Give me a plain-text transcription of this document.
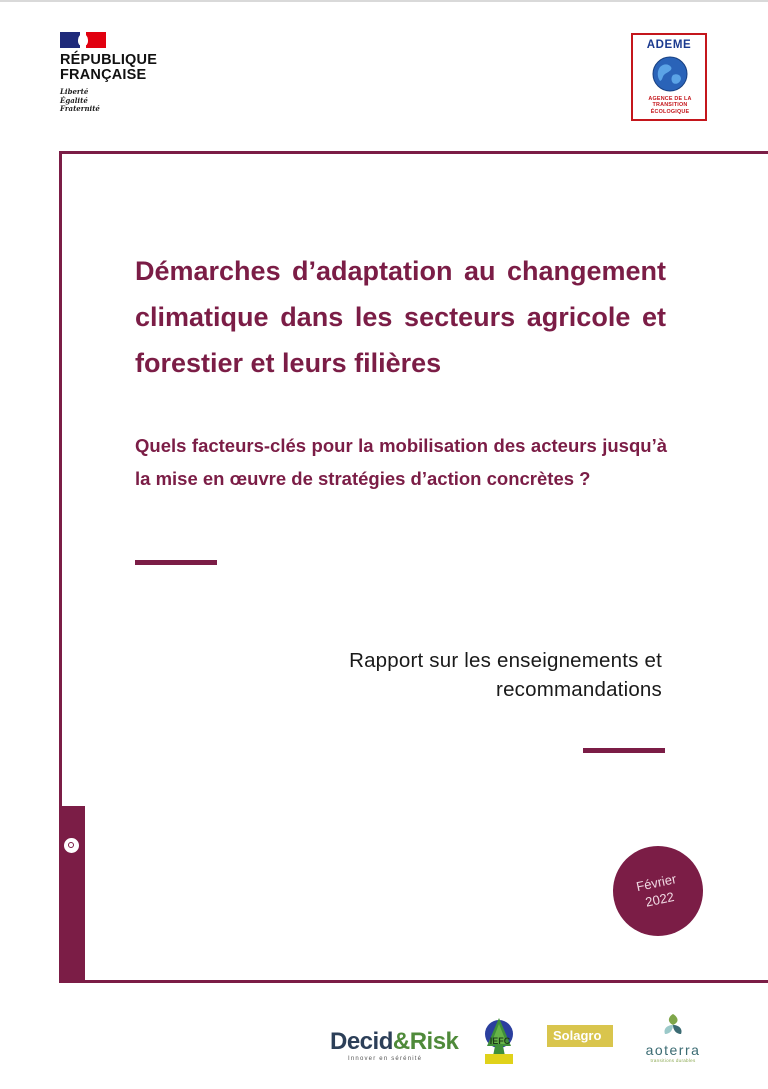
RÉPUBLIQUE
FRANÇAISE
Liberté
Égalité
Fraternité
ADEME
AGENCE DE LA
TRANSITION
ÉCOLOGIQUE
EXPERTISES
Démarches d’adaptation au changement climatique dans les secteurs agricole et forestier et leurs filières
Quels facteurs-clés pour la mobilisation des acteurs jusqu’à la mise en œuvre de stratégies d’action concrètes ?
Rapport sur les enseignements et
recommandations
Février
2022
Decid&Risk
Innover en sérénité
IEFC	Solagro
aoterra
transitions durables
